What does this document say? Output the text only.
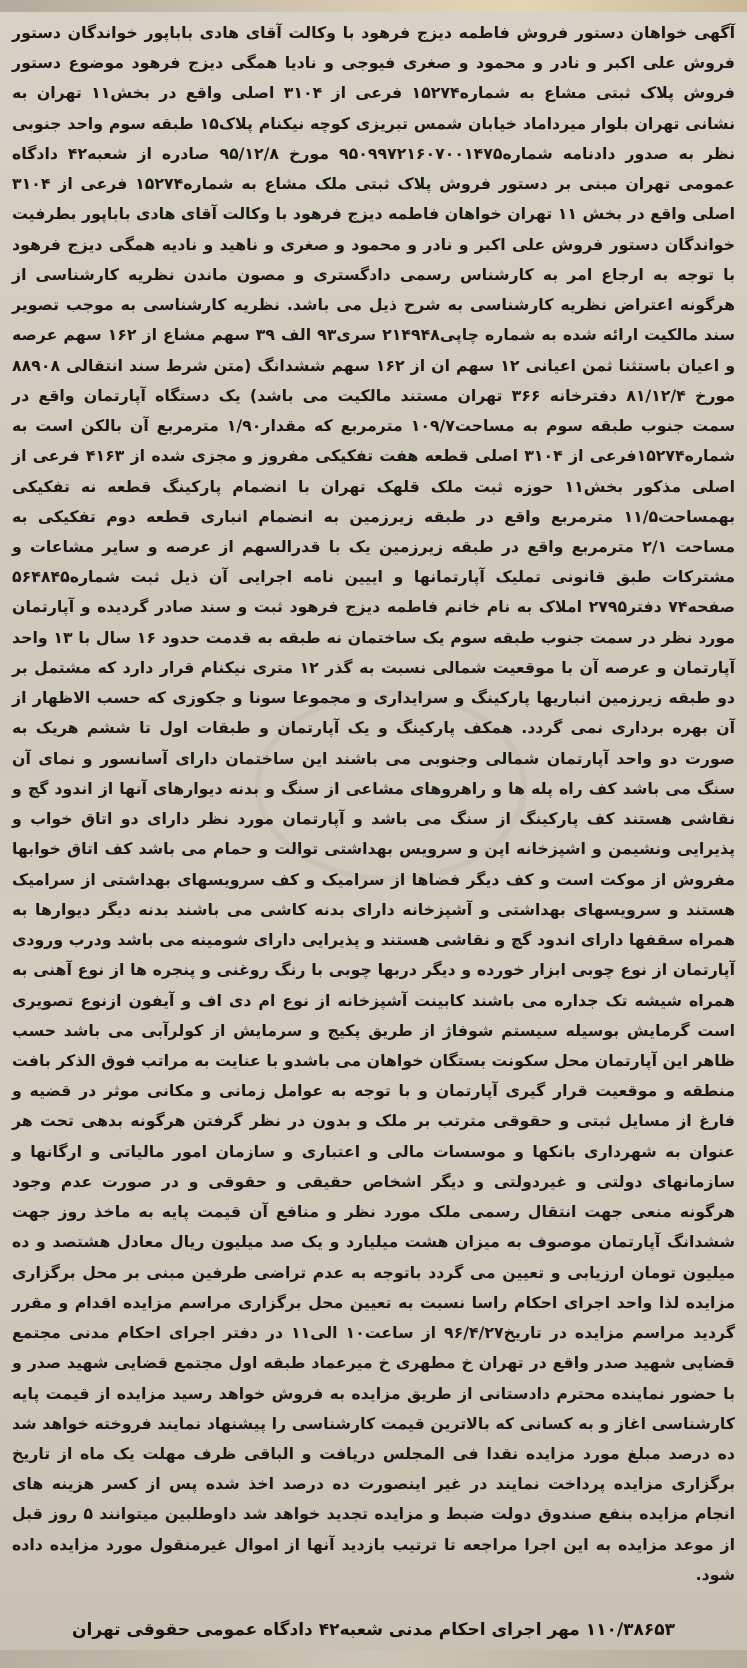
آگهی خواهان دستور فروش فاطمه دیزج فرهود با وکالت آقای هادی باباپور خواندگان دستور فروش علی اکبر و نادر و محمود و صغری فیوجی و نادیا همگی دیزج فرهود موضوع دستور فروش پلاک ثبتی مشاع به شماره۱۵۲۷۴ فرعی از ۳۱۰۴ اصلی واقع در بخش۱۱ تهران به نشانی تهران بلوار میرداماد خیابان شمس تبریزی کوچه نیکنام پلاک۱۵ طبقه سوم واحد جنوبی نظر به صدور دادنامه شماره۹۵۰۹۹۷۲۱۶۰۷۰۰۱۴۷۵ مورخ ۹۵/۱۲/۸ صادره از شعبه۴۲ دادگاه عمومی تهران مبنی بر دستور فروش پلاک ثبتی ملک مشاع به شماره۱۵۲۷۴ فرعی از ۳۱۰۴ اصلی واقع در بخش ۱۱ تهران خواهان فاطمه دیزج فرهود با وکالت آقای هادی باباپور بطرفیت خواندگان دستور فروش علی اکبر و نادر و محمود و صغری و ناهید و نادیه همگی دیزج فرهود با توجه به ارجاع امر به کارشناس رسمی دادگستری و مصون ماندن نظریه کارشناسی از هرگونه اعتراض نظریه کارشناسی به شرح ذیل می باشد. نظریه کارشناسی به موجب تصویر سند مالکیت ارائه شده به شماره چاپی۲۱۴۹۴۸ سری۹۳ الف ۳۹ سهم مشاع از ۱۶۲ سهم عرصه و اعیان باستثنا ثمن اعیانی ۱۲ سهم ان از ۱۶۲ سهم ششدانگ (متن شرط سند انتقالی ۸۸۹۰۸ مورخ ۸۱/۱۲/۴ دفترخانه ۳۶۶ تهران مستند مالکیت می باشد) یک دستگاه آپارتمان واقع در سمت جنوب طبقه سوم به مساحت۱۰۹/۷ مترمربع که مقدار۱/۹۰ مترمربع آن بالکن است به شماره۱۵۲۷۴فرعی از ۳۱۰۴ اصلی قطعه هفت تفکیکی مفروز و مجزی شده از ۴۱۶۳ فرعی از اصلی مذکور بخش۱۱ حوزه ثبت ملک قلهک تهران با انضمام پارکینگ قطعه نه تفکیکی بهمساحت۱۱/۵ مترمربع واقع در طبقه زیرزمین به انضمام انباری قطعه دوم تفکیکی به مساحت ۲/۱ مترمربع واقع در طبقه زیرزمین یک با قدرالسهم از عرصه و سایر مشاعات و مشترکات طبق قانونی تملیک آپارتمانها و اییین نامه اجرایی آن ذیل ثبت شماره۵۶۴۸۴۵ صفحه۷۴ دفتر۲۷۹۵ املاک به نام خانم فاطمه دیزج فرهود ثبت و سند صادر گردیده و آپارتمان مورد نظر در سمت جنوب طبقه سوم یک ساختمان نه طبقه به قدمت حدود ۱۶ سال با ۱۳ واحد آپارتمان و عرصه آن با موقعیت شمالی نسبت به گذر ۱۲ متری نیکنام قرار دارد که مشتمل بر دو طبقه زیرزمین انباریها پارکینگ و سرایداری و مجموعا سونا و جکوزی که حسب الاظهار از آن بهره برداری نمی گردد. همکف پارکینگ و یک آپارتمان و طبقات اول تا ششم هریک به صورت دو واحد آپارتمان شمالی وجنوبی می باشند این ساختمان دارای آسانسور و نمای آن سنگ می باشد کف راه پله ها و راهروهای مشاعی از سنگ و بدنه دیوارهای آنها از اندود گچ و نقاشی هستند کف پارکینگ از سنگ می باشد و آپارتمان مورد نظر دارای دو اتاق خواب و پذیرایی ونشیمن و اشپزخانه اپن و سرویس بهداشتی توالت و حمام می باشد کف اتاق خوابها مفروش از موکت است و کف دیگر فضاها از سرامیک و کف سرویسهای بهداشتی از سرامیک هستند و سرویسهای بهداشتی و آشپزخانه دارای بدنه کاشی می باشند بدنه دیگر دیوارها به همراه سقفها دارای اندود گچ و نقاشی هستند و پذیرایی دارای شومینه می باشد ودرب ورودی آپارتمان از نوع چوبی ابزار خورده و دیگر دربها چوبی با رنگ روغنی و پنجره ها از نوع آهنی به همراه شیشه تک جداره می باشند کابینت آشپزخانه از نوع ام دی اف و آیفون ازنوع تصویری است گرمایش بوسیله سیستم شوفاژ از طریق پکیج و سرمایش از کولرآبی می باشد حسب ظاهر این آپارتمان محل سکونت بستگان خواهان می باشدو با عنایت به مراتب فوق الذکر بافت منطقه و موقعیت قرار گیری آپارتمان و با توجه به عوامل زمانی و مکانی موثر در قضیه و فارغ از مسایل ثبتی و حقوقی مترتب بر ملک و بدون در نظر گرفتن هرگونه بدهی تحت هر عنوان به شهرداری بانکها و موسسات مالی و اعتباری و سازمان امور مالیاتی و ارگانها و سازمانهای دولتی و غیردولتی و دیگر اشخاص حقیقی و حقوقی و در صورت عدم وجود هرگونه منعی جهت انتقال رسمی ملک مورد نظر و منافع آن قیمت پایه به ماخذ روز جهت ششدانگ آپارتمان موصوف به میزان هشت میلیارد و یک صد میلیون ریال معادل هشتصد و ده میلیون تومان ارزیابی و تعیین می گردد باتوجه به عدم تراضی طرفین مبنی بر محل برگزاری مزایده لذا واحد اجرای احکام راسا نسبت به تعیین محل برگزاری مراسم مزایده اقدام و مقرر گردید مراسم مزایده در تاریخ۹۶/۴/۲۷ از ساعت۱۰ الی۱۱ در دفتر اجرای احکام مدنی مجتمع قضایی شهید صدر واقع در تهران خ مطهری خ میرعماد طبقه اول مجتمع قضایی شهید صدر و با حضور نماینده محترم دادستانی از طریق مزایده به فروش خواهد رسید مزایده از قیمت پایه کارشناسی اغاز و به کسانی که بالاترین قیمت کارشناسی را پیشنهاد نمایند فروخته خواهد شد ده درصد مبلغ مورد مزایده نقدا فی المجلس دریافت و الباقی ظرف مهلت یک ماه از تاریخ برگزاری مزایده پرداخت نمایند در غیر اینصورت ده درصد اخذ شده پس از کسر هزینه های انجام مزایده بنفع صندوق دولت ضبط و مزایده تجدید خواهد شد داوطلبین میتوانند ۵ روز قبل از موعد مزایده به این اجرا مراجعه تا ترتیب بازدید آنها از اموال غیرمنقول مورد مزایده داده شود.

۱۱۰/۳۸۶۵۳ مهر اجرای احکام مدنی شعبه۴۲ دادگاه عمومی حقوقی تهران
